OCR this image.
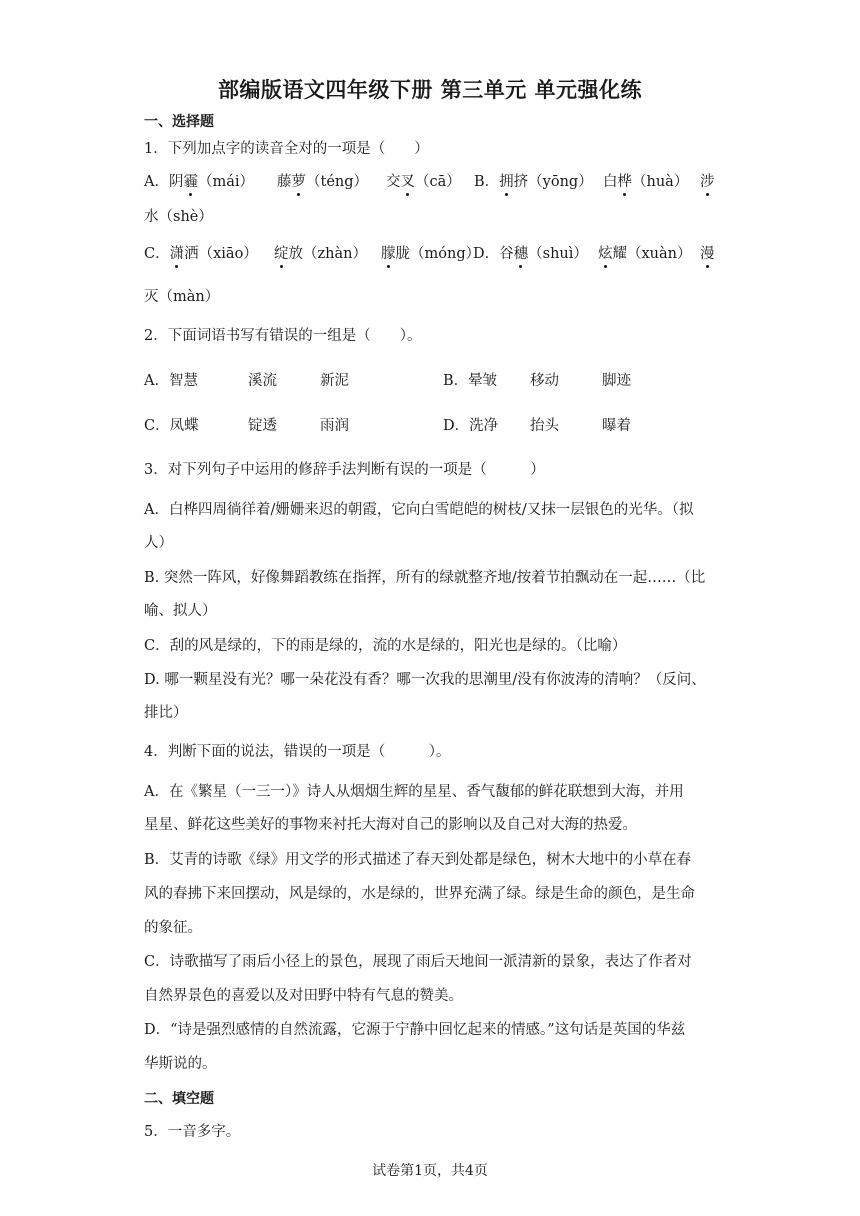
部编版语文四年级下册 第三单元 单元强化练
一、选择题
1．下列加点字的读音全对的一项是（　　）
A．阴霾（mái） 藤萝（téng） 交叉（cā） B．拥挤（yōng） 白桦（huà） 涉
水（shè）
C．潇洒（xiāo） 绽放（zhàn） 朦胧（móng）
D．谷穗（shuì） 炫耀（xuàn） 漫
灭（màn）
2．下面词语书写有错误的一组是（　　）。
A．智慧	溪流	新泥	B．晕皱 移动	脚迹
C．凤蝶	锭透	雨润	D．洗净 抬头	曝着
3．对下列句子中运用的修辞手法判断有误的一项是（　　　）
A．白桦四周徜徉着/姗姗来迟的朝霞，它向白雪皑皑的树枝/又抹一层银色的光华。（拟
人）
B. 突然一阵风，好像舞蹈教练在指挥，所有的绿就整齐地/按着节拍飘动在一起……（比
喻、拟人）
C．刮的风是绿的，下的雨是绿的，流的水是绿的，阳光也是绿的。（比喻）
D. 哪一颗星没有光？哪一朵花没有香？哪一次我的思潮里/没有你波涛的清响？（反问、
排比）
4．判断下面的说法，错误的一项是（　　　）。
A．在《繁星（一三一）》诗人从烟烟生辉的星星、香气馥郁的鲜花联想到大海，并用
星星、鲜花这些美好的事物来衬托大海对自己的影响以及自己对大海的热爱。
B．艾青的诗歌《绿》用文学的形式描述了春天到处都是绿色，树木大地中的小草在春
风的春拂下来回摆动，风是绿的，水是绿的，世界充满了绿。绿是生命的颜色，是生命
的象征。
C．诗歌描写了雨后小径上的景色，展现了雨后天地间一派清新的景象，表达了作者对
自然界景色的喜爱以及对田野中特有气息的赞美。
D．“诗是强烈感情的自然流露，它源于宁静中回忆起来的情感。”这句话是英国的华兹
华斯说的。
二、填空题
5．一音多字。
试卷第1页，共4页
